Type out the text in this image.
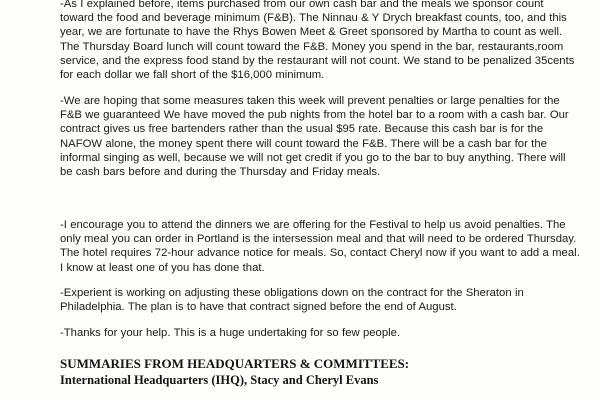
-As I explained before, items purchased from our own cash bar and the meals we sponsor count toward the food and beverage minimum (F&B). The Ninnau & Y Drych breakfast counts, too, and this year, we are fortunate to have the Rhys Bowen Meet & Greet sponsored by Martha to count as well. The Thursday Board lunch will count toward the F&B. Money you spend in the bar, restaurants,room service, and the express food stand by the restaurant will not count. We stand to be penalized 35cents for each dollar we fall short of the $16,000 minimum.

-We are hoping that some measures taken this week will prevent penalties or large penalties for the F&B we guaranteed We have moved the pub nights from the hotel bar to a room with a cash bar. Our contract gives us free bartenders rather than the usual $95 rate. Because this cash bar is for the NAFOW alone, the money spent there will count toward the F&B. There will be a cash bar for the informal singing as well, because we will not get credit if you go to the bar to buy anything. There will be cash bars before and during the Thursday and Friday meals.

-I encourage you to attend the dinners we are offering for the Festival to help us avoid penalties. The only meal you can order in Portland is the intersession meal and that will need to be ordered Thursday. The hotel requires 72-hour advance notice for meals. So, contact Cheryl now if you want to add a meal. I know at least one of you has done that.

-Experient is working on adjusting these obligations down on the contract for the Sheraton in Philadelphia. The plan is to have that contract signed before the end of August.

-Thanks for your help. This is a huge undertaking for so few people.

SUMMARIES FROM HEADQUARTERS & COMMITTEES:
International Headquarters (IHQ), Stacy and Cheryl Evans
